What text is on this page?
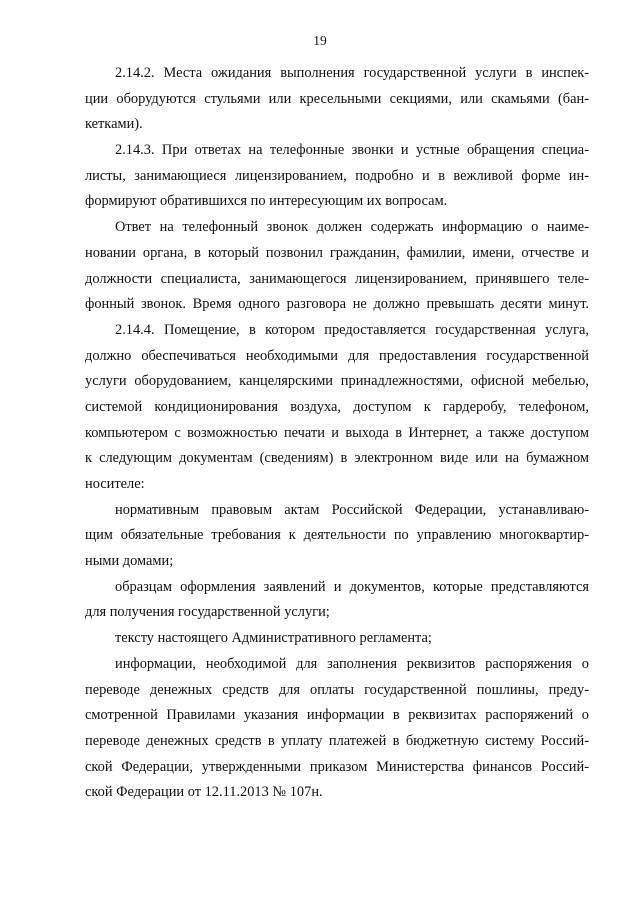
19
2.14.2. Места ожидания выполнения государственной услуги в инспек-
ции оборудуются стульями или кресельными секциями, или скамьями (бан-
кетками).
2.14.3. При ответах на телефонные звонки и устные обращения специа-
листы, занимающиеся лицензированием, подробно и в вежливой форме ин-
формируют обратившихся по интересующим их вопросам.
Ответ на телефонный звонок должен содержать информацию о наиме-
новании органа, в который позвонил гражданин, фамилии, имени, отчестве и
должности специалиста, занимающегося лицензированием, принявшего теле-
фонный звонок. Время одного разговора не должно превышать десяти минут.
2.14.4. Помещение, в котором предоставляется государственная услуга,
должно обеспечиваться необходимыми для предоставления государственной
услуги оборудованием, канцелярскими принадлежностями, офисной мебелью,
системой кондиционирования воздуха, доступом к гардеробу, телефоном,
компьютером с возможностью печати и выхода в Интернет, а также доступом
к следующим документам (сведениям) в электронном виде или на бумажном
носителе:
нормативным правовым актам Российской Федерации, устанавливаю-
щим обязательные требования к деятельности по управлению многоквартир-
ными домами;
образцам оформления заявлений и документов, которые представляются
для получения государственной услуги;
тексту настоящего Административного регламента;
информации, необходимой для заполнения реквизитов распоряжения о
переводе денежных средств для оплаты государственной пошлины, преду-
смотренной Правилами указания информации в реквизитах распоряжений о
переводе денежных средств в уплату платежей в бюджетную систему Россий-
ской Федерации, утвержденными приказом Министерства финансов Россий-
ской Федерации от 12.11.2013 № 107н.
